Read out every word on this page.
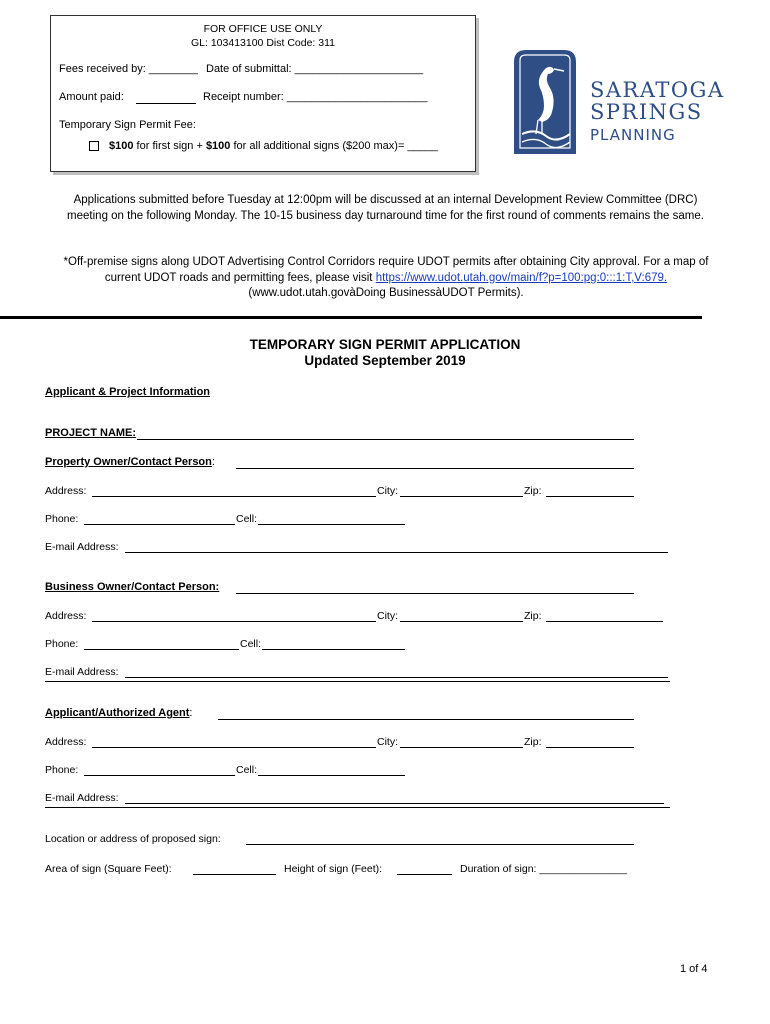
FOR OFFICE USE ONLY
GL: 103413100 Dist Code: 311
Fees received by: ________ Date of submittal: _____________________
Amount paid:	Receipt number: _______________________
Temporary Sign Permit Fee:
$100 for first sign + $100 for all additional signs ($200 max)= _____
SARATOGA
SPRINGS
PLANNING
Applications submitted before Tuesday at 12:00pm will be discussed at an internal Development Review Committee (DRC) meeting on the following Monday. The 10-15 business day turnaround time for the first round of comments remains the same.
*Off-premise signs along UDOT Advertising Control Corridors require UDOT permits after obtaining City approval. For a map of current UDOT roads and permitting fees, please visit https://www.udot.utah.gov/main/f?p=100:pg:0:::1:T,V:679. (www.udot.utah.govàDoing BusinessàUDOT Permits).
TEMPORARY SIGN PERMIT APPLICATION
Updated September 2019
Applicant & Project Information
PROJECT NAME:
Property Owner/Contact Person:
Address:	City:	Zip:
Phone:	Cell:
E-mail Address:
Business Owner/Contact Person:
Address:	City:	Zip:
Phone:	Cell:
E-mail Address:
Applicant/Authorized Agent:
Address:	City:	Zip:
Phone:	Cell:
E-mail Address:
Location or address of proposed sign:
Area of sign (Square Feet):	Height of sign (Feet):	Duration of sign: _______________
1 of 4
